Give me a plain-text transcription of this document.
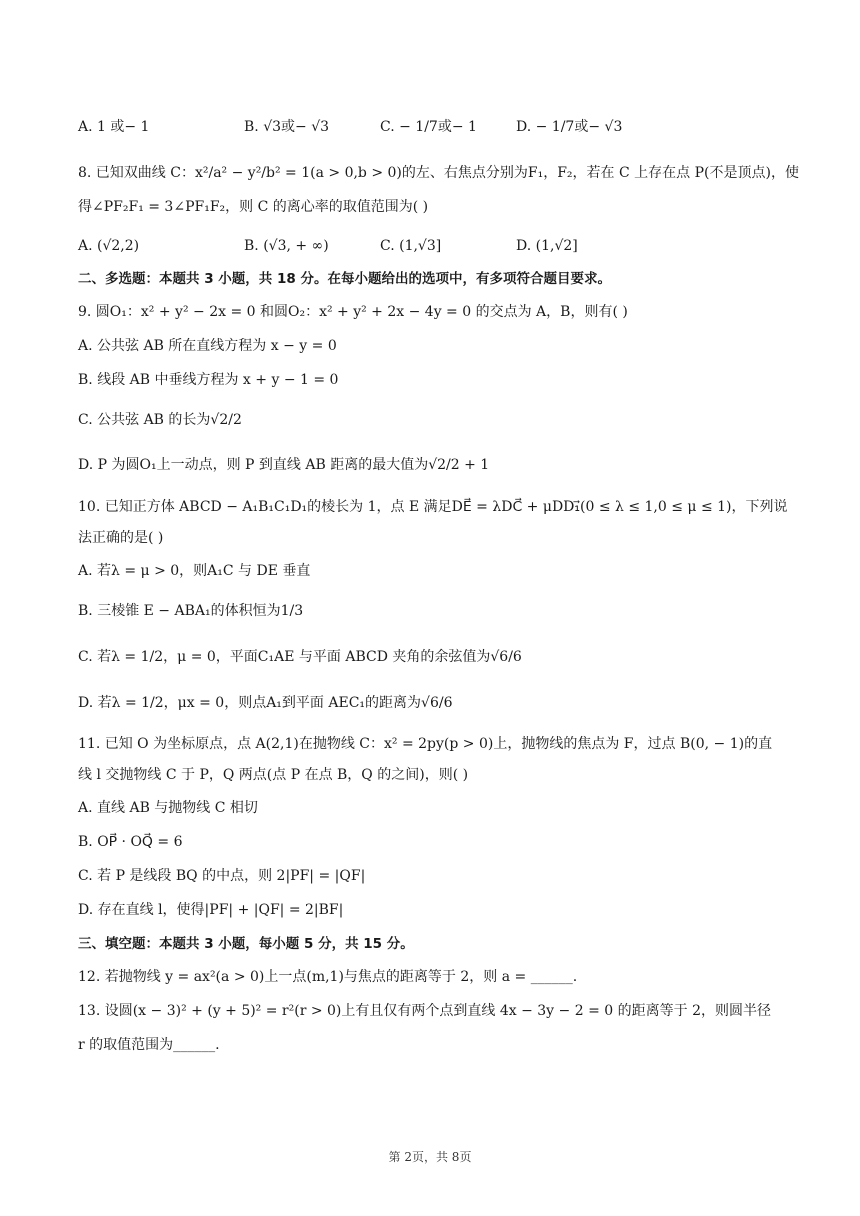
A. 1 或− 1	B. √3或− √3	C. − 1/7或− 1	D. − 1/7或− √3
8. 已知双曲线 C：x²/a² − y²/b² = 1(a > 0,b > 0)的左、右焦点分别为F₁，F₂，若在 C 上存在点 P(不是顶点)，使
得∠PF₂F₁ = 3∠PF₁F₂，则 C 的离心率的取值范围为( )
A. (√2,2)	B. (√3, + ∞)	C. (1,√3]	D. (1,√2]
二、多选题：本题共 3 小题，共 18 分。在每小题给出的选项中，有多项符合题目要求。
9. 圆O₁：x² + y² − 2x = 0 和圆O₂：x² + y² + 2x − 4y = 0 的交点为 A，B，则有( )
A. 公共弦 AB 所在直线方程为 x − y = 0
B. 线段 AB 中垂线方程为 x + y − 1 = 0
C. 公共弦 AB 的长为√2/2
D. P 为圆O₁上一动点，则 P 到直线 AB 距离的最大值为√2/2 + 1
10. 已知正方体 ABCD − A₁B₁C₁D₁的棱长为 1，点 E 满足DE⃗ = λDC⃗ + μDD₁⃗(0 ≤ λ ≤ 1,0 ≤ μ ≤ 1)，下列说
法正确的是( )
A. 若λ = μ > 0，则A₁C 与 DE 垂直
B. 三棱锥 E − ABA₁的体积恒为1/3
C. 若λ = 1/2，μ = 0，平面C₁AE 与平面 ABCD 夹角的余弦值为√6/6
D. 若λ = 1/2，μx = 0，则点A₁到平面 AEC₁的距离为√6/6
11. 已知 O 为坐标原点，点 A(2,1)在抛物线 C：x² = 2py(p > 0)上，抛物线的焦点为 F，过点 B(0, − 1)的直
线 l 交抛物线 C 于 P，Q 两点(点 P 在点 B，Q 的之间)，则( )
A. 直线 AB 与抛物线 C 相切
B. OP⃗ · OQ⃗ = 6
C. 若 P 是线段 BQ 的中点，则 2|PF| = |QF|
D. 存在直线 l，使得|PF| + |QF| = 2|BF|
三、填空题：本题共 3 小题，每小题 5 分，共 15 分。
12. 若抛物线 y = ax²(a > 0)上一点(m,1)与焦点的距离等于 2，则 a = ______.
13. 设圆(x − 3)² + (y + 5)² = r²(r > 0)上有且仅有两个点到直线 4x − 3y − 2 = 0 的距离等于 2，则圆半径
r 的取值范围为______.
第 2页，共 8页
